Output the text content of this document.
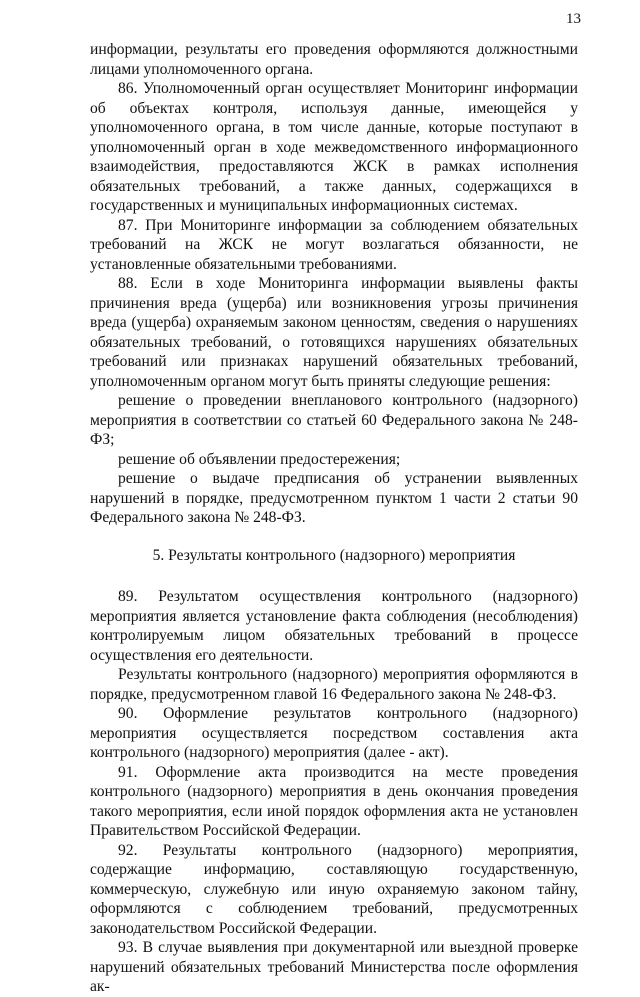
13

информации, результаты его проведения оформляются должностными лицами уполномоченного органа.

86. Уполномоченный орган осуществляет Мониторинг информации об объектах контроля, используя данные, имеющейся у уполномоченного органа, в том числе данные, которые поступают в уполномоченный орган в ходе межведомственного информационного взаимодействия, предоставляются ЖСК в рамках исполнения обязательных требований, а также данных, содержащихся в государственных и муниципальных информационных системах.

87. При Мониторинге информации за соблюдением обязательных требований на ЖСК не могут возлагаться обязанности, не установленные обязательными требованиями.

88. Если в ходе Мониторинга информации выявлены факты причинения вреда (ущерба) или возникновения угрозы причинения вреда (ущерба) охраняемым законом ценностям, сведения о нарушениях обязательных требований, о готовящихся нарушениях обязательных требований или признаках нарушений обязательных требований, уполномоченным органом могут быть приняты следующие решения:

решение о проведении внепланового контрольного (надзорного) мероприятия в соответствии со статьей 60 Федерального закона № 248-ФЗ;

решение об объявлении предостережения;

решение о выдаче предписания об устранении выявленных нарушений в порядке, предусмотренном пунктом 1 части 2 статьи 90 Федерального закона № 248-ФЗ.

5. Результаты контрольного (надзорного) мероприятия

89. Результатом осуществления контрольного (надзорного) мероприятия является установление факта соблюдения (несоблюдения) контролируемым лицом обязательных требований в процессе осуществления его деятельности.

Результаты контрольного (надзорного) мероприятия оформляются в порядке, предусмотренном главой 16 Федерального закона № 248-ФЗ.

90. Оформление результатов контрольного (надзорного) мероприятия осуществляется посредством составления акта контрольного (надзорного) мероприятия (далее - акт).

91. Оформление акта производится на месте проведения контрольного (надзорного) мероприятия в день окончания проведения такого мероприятия, если иной порядок оформления акта не установлен Правительством Российской Федерации.

92. Результаты контрольного (надзорного) мероприятия, содержащие информацию, составляющую государственную, коммерческую, служебную или иную охраняемую законом тайну, оформляются с соблюдением требований, предусмотренных законодательством Российской Федерации.

93. В случае выявления при документарной или выездной проверке нарушений обязательных требований Министерства после оформления ак-
